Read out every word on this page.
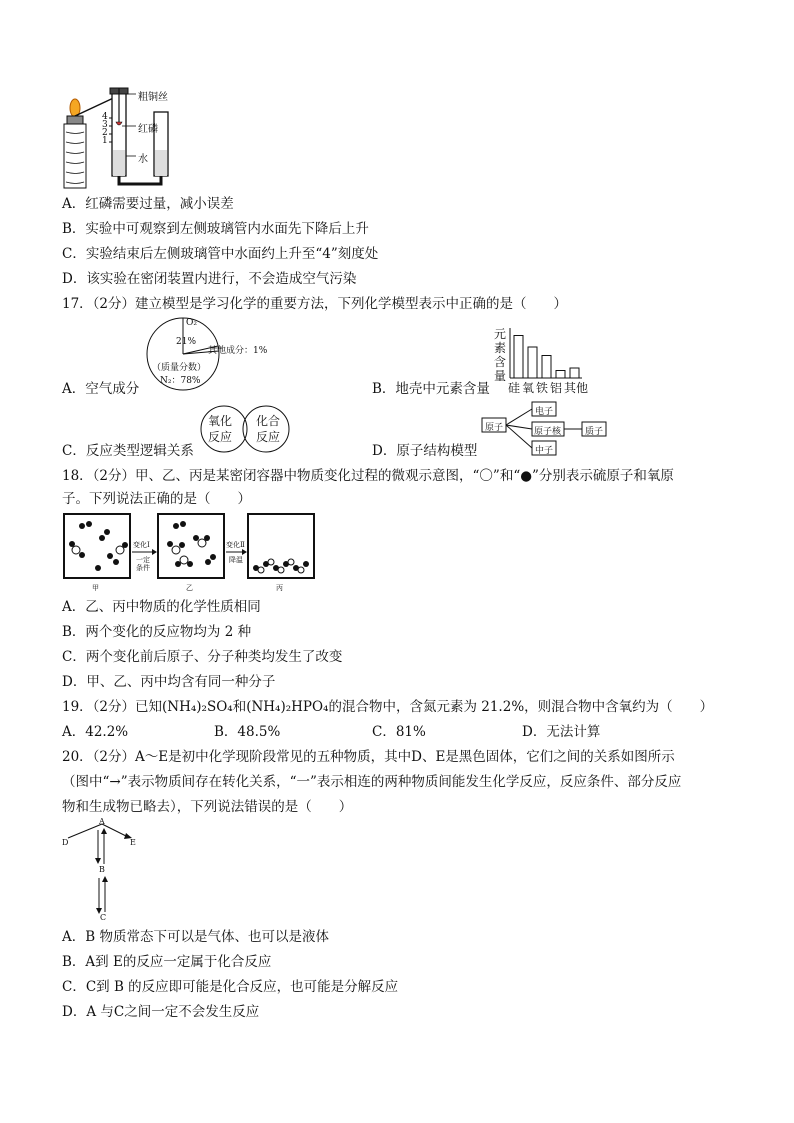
粗铜丝
红磷
水
4
3
2
1
A．红磷需要过量，减小误差
B．实验中可观察到左侧玻璃管内水面先下降后上升
C．实验结束后左侧玻璃管中水面约上升至“4”刻度处
D．该实验在密闭装置内进行，不会造成空气污染
17．（2分）建立模型是学习化学的重要方法，下列化学模型表示中正确的是（　　）
O₂
21%
其他成分：1%
（质量分数）
N₂：78%
A．空气成分
元素含量
硅 氧 铁 铝 其他
B．地壳中元素含量
氧化
反应
化合
反应
C．反应类型逻辑关系
原子
电子
原子核
中子
质子
D．原子结构模型
18．（2分）甲、乙、丙是某密闭容器中物质变化过程的微观示意图，“〇”和“●”分别表示硫原子和氧原
子。下列说法正确的是（　　）
变化Ⅰ
一定
条件
变化Ⅱ
降温
甲	乙	丙
A．乙、丙中物质的化学性质相同
B．两个变化的反应物均为 2 种
C．两个变化前后原子、分子种类均发生了改变
D．甲、乙、丙中均含有同一种分子
19．（2分）已知(NH₄)₂SO₄和(NH₄)₂HPO₄的混合物中，含氮元素为 21.2%，则混合物中含氧约为（　　）
A．42.2%	B．48.5%	C．81%	D．无法计算
20．（2分）A～E是初中化学现阶段常见的五种物质，其中D、E是黑色固体，它们之间的关系如图所示
（图中“→”表示物质间存在转化关系，“一”表示相连的两种物质间能发生化学反应，反应条件、部分反应
物和生成物已略去），下列说法错误的是（　　）
A
B
C
D	E
A．B 物质常态下可以是气体、也可以是液体
B．A到 E的反应一定属于化合反应
C．C到 B 的反应即可能是化合反应，也可能是分解反应
D．A 与C之间一定不会发生反应
